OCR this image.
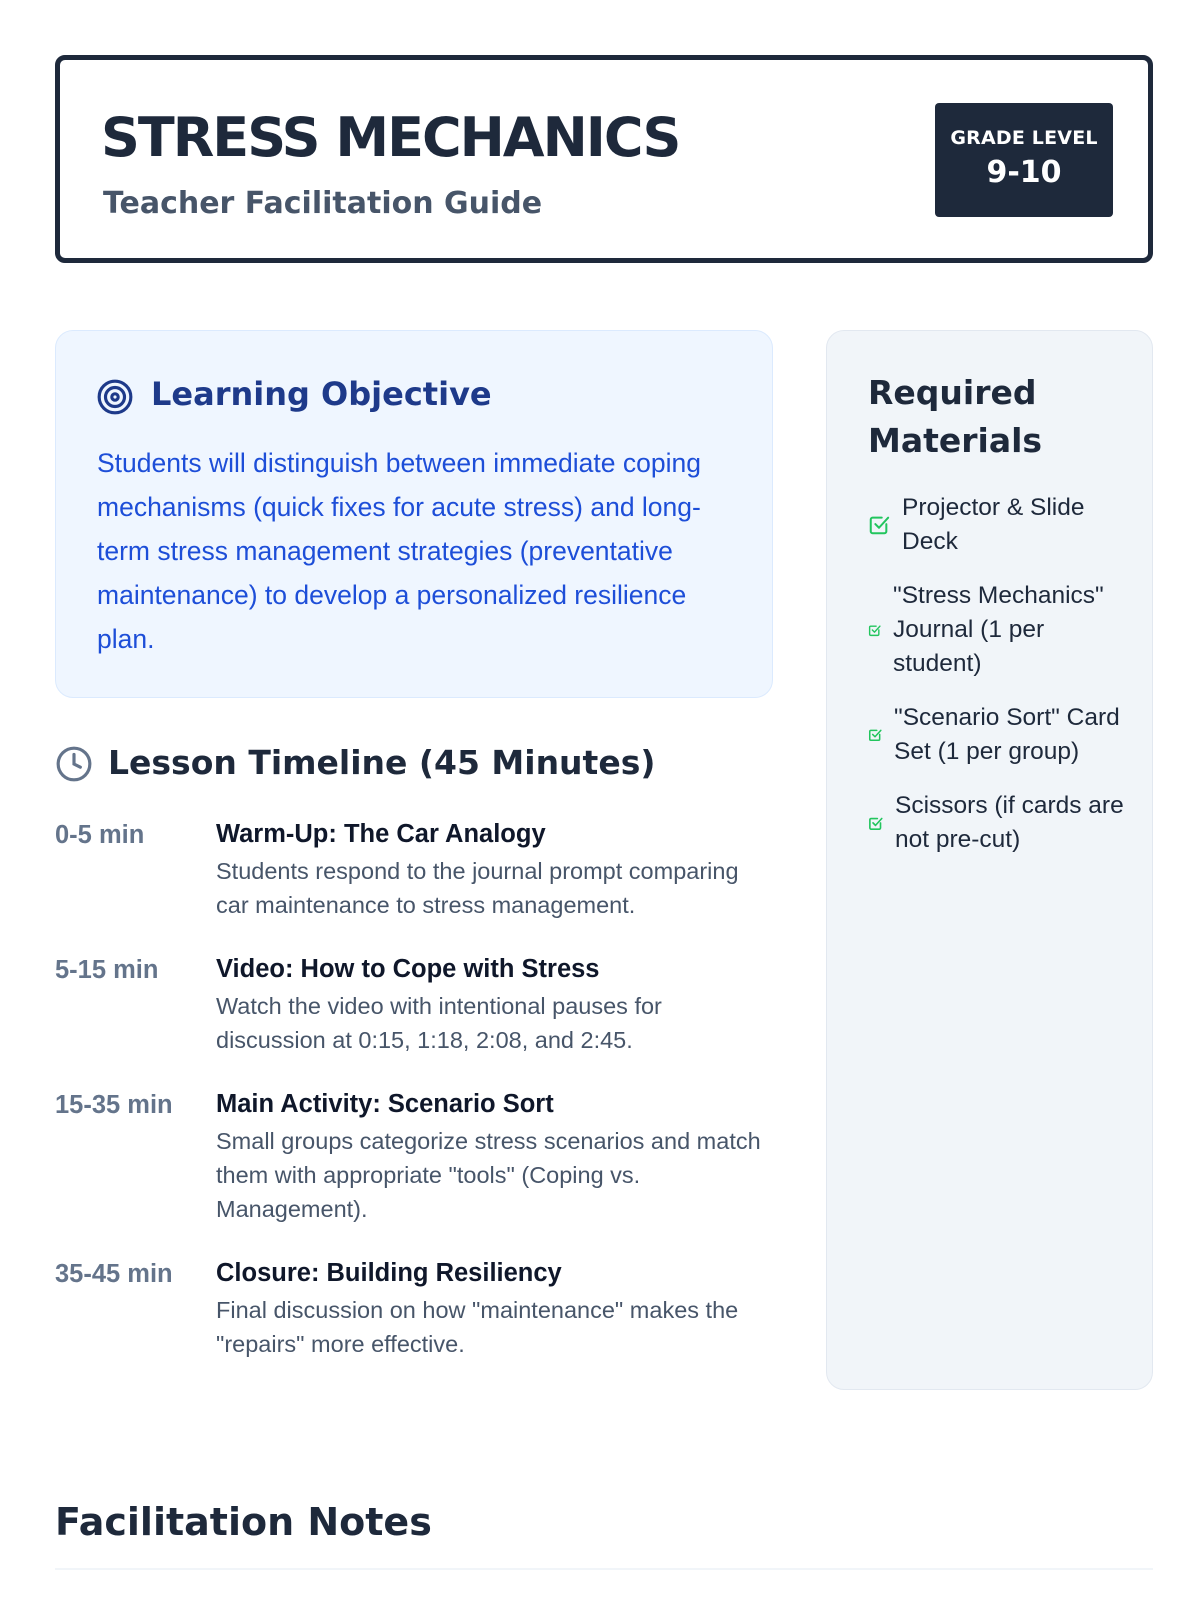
STRESS MECHANICS

Teacher Facilitation Guide

GRADE LEVEL
9-10
Learning Objective

Students will distinguish between immediate coping mechanisms (quick fixes for acute stress) and long-term stress management strategies (preventative maintenance) to develop a personalized resilience plan.

Lesson Timeline (45 Minutes)
0-5 min	Warm-Up: The Car Analogy
Students respond to the journal prompt comparing car maintenance to stress management.
5-15 min Video: How to Cope with Stress
Watch the video with intentional pauses for discussion at 0:15, 1:18, 2:08, and 2:45.
15-35 min Main Activity: Scenario Sort
Small groups categorize stress scenarios and match them with appropriate "tools" (Coping vs. Management).
35-45 min Closure: Building Resiliency
Final discussion on how "maintenance" makes the "repairs" more effective.
Required Materials
Projector & Slide Deck
"Stress Mechanics" Journal (1 per student)
"Scenario Sort" Card Set (1 per group)
Scissors (if cards are not pre-cut)
Facilitation Notes
